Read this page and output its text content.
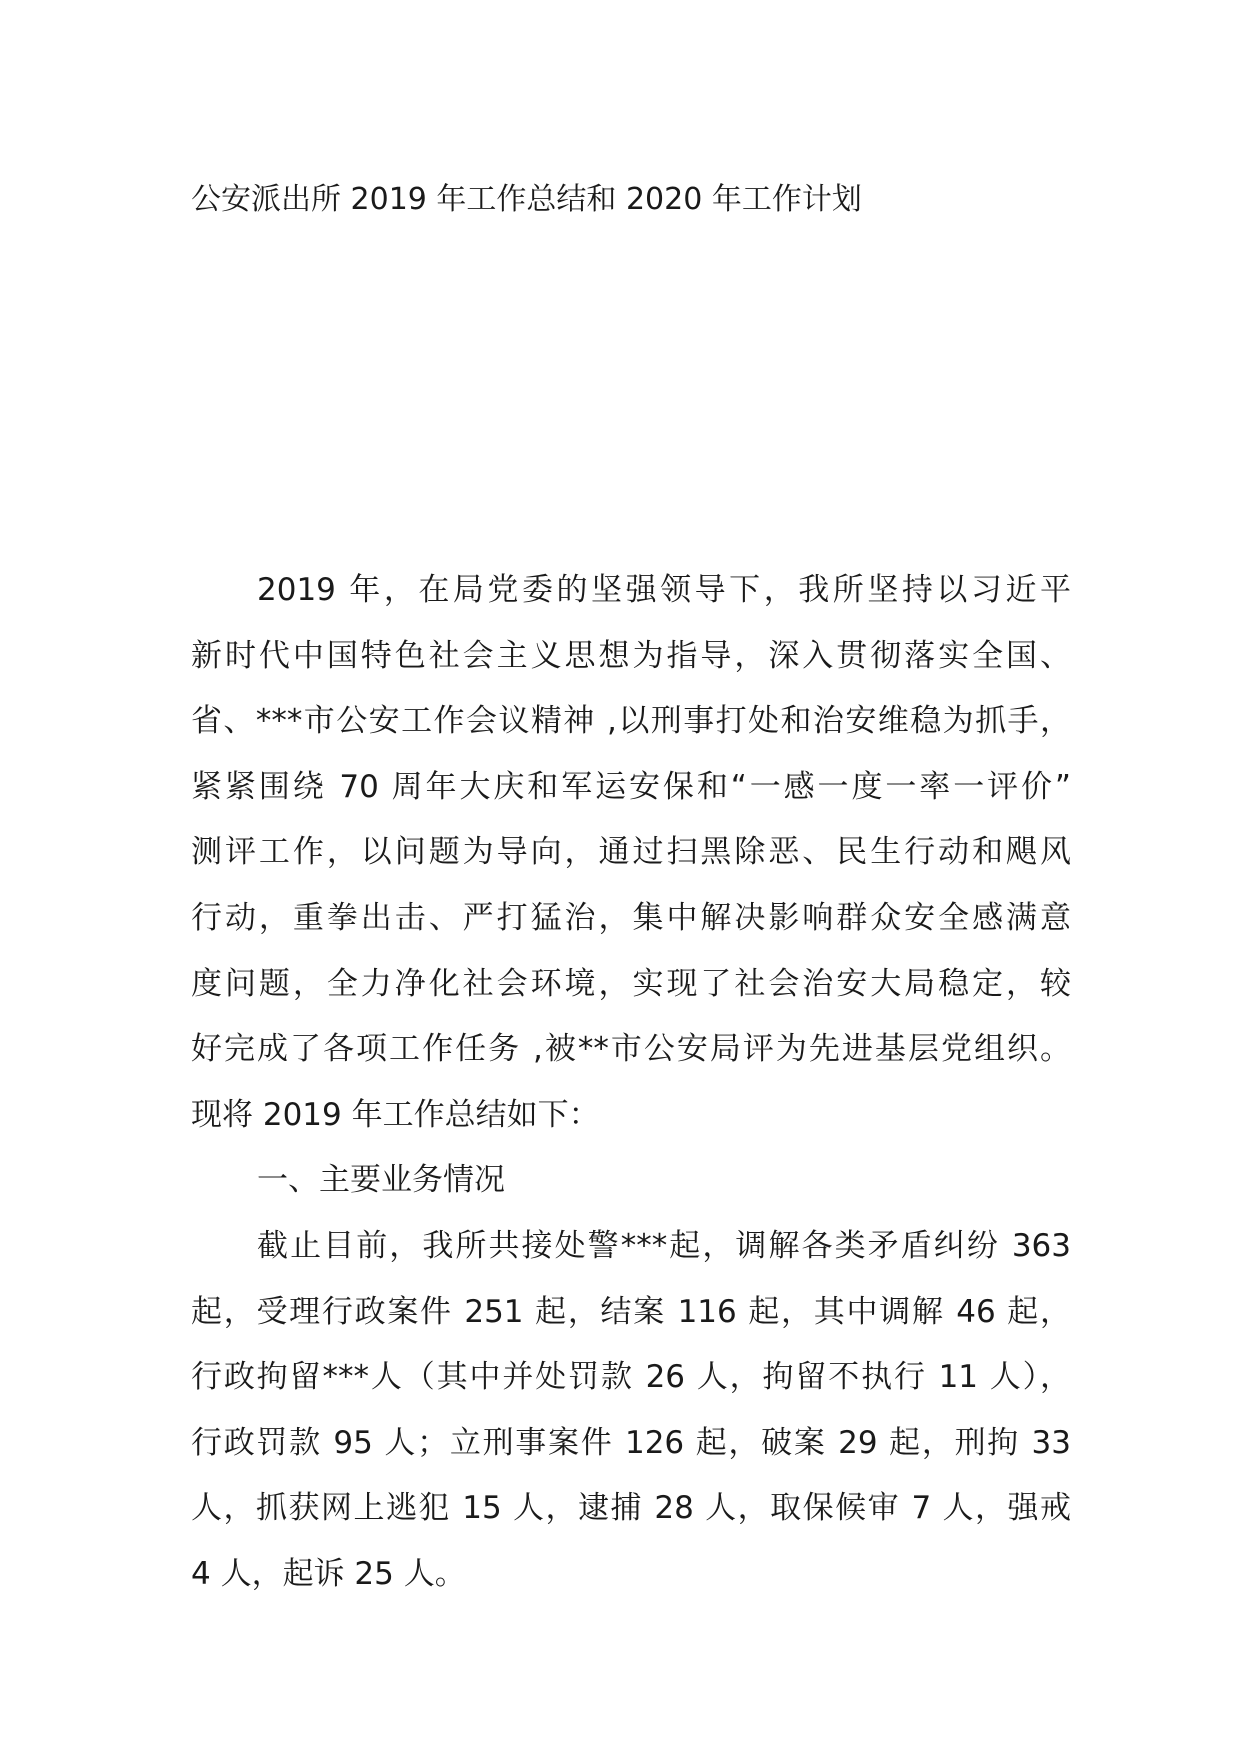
公安派出所 2019 年工作总结和 2020 年工作计划
2019 年，在局党委的坚强领导下，我所坚持以习近平
新时代中国特色社会主义思想为指导，深入贯彻落实全国、
省、***市公安工作会议精神 ,以刑事打处和治安维稳为抓手，
紧紧围绕 70 周年大庆和军运安保和“一感一度一率一评价”
测评工作，以问题为导向，通过扫黑除恶、民生行动和飓风
行动，重拳出击、严打猛治，集中解决影响群众安全感满意
度问题，全力净化社会环境，实现了社会治安大局稳定，较
好完成了各项工作任务 ,被**市公安局评为先进基层党组织。
现将 2019 年工作总结如下：
一、主要业务情况
截止目前，我所共接处警***起，调解各类矛盾纠纷 363
起，受理行政案件 251 起，结案 116 起，其中调解 46 起，
行政拘留***人（其中并处罚款 26 人，拘留不执行 11 人），
行政罚款 95 人；立刑事案件 126 起，破案 29 起，刑拘 33
人，抓获网上逃犯 15 人，逮捕 28 人，取保候审 7 人，强戒
4 人，起诉 25 人。
